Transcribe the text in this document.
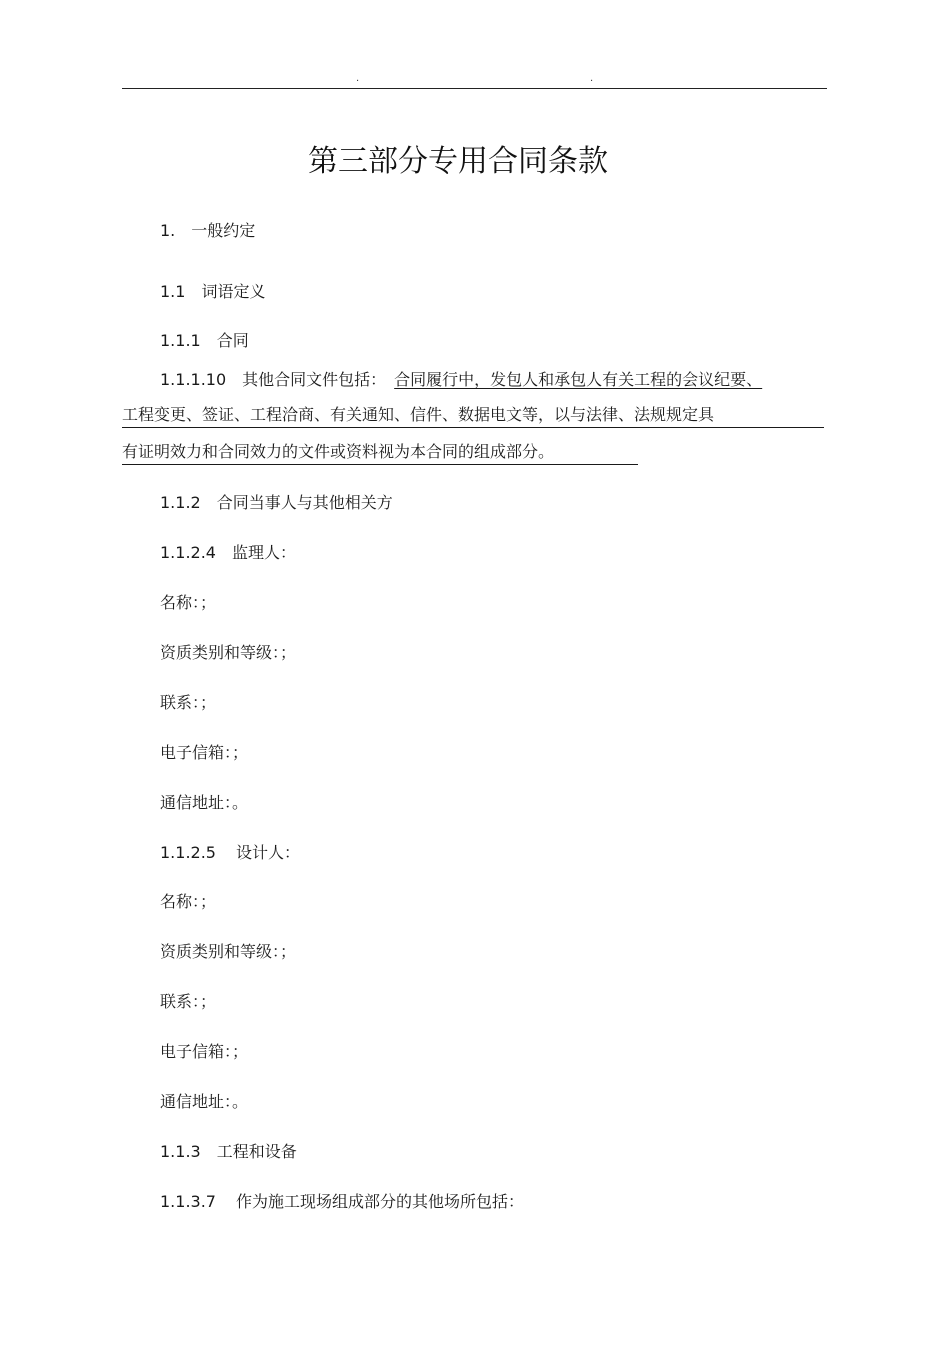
.	.
第三部分专用合同条款
1. 一般约定
1.1 词语定义
1.1.1 合同
1.1.1.10 其他合同文件包括： 合同履行中，发包人和承包人有关工程的会议纪要、
工程变更、签证、工程洽商、有关通知、信件、数据电文等，以与法律、法规规定具
有证明效力和合同效力的文件或资料视为本合同的组成部分。
1.1.2 合同当事人与其他相关方
1.1.2.4 监理人：
名称：；
资质类别和等级：；
联系：；
电子信箱：；
通信地址：。
1.1.2.5 设计人：
名称：；
资质类别和等级：；
联系：；
电子信箱：；
通信地址：。
1.1.3 工程和设备
1.1.3.7 作为施工现场组成部分的其他场所包括：
